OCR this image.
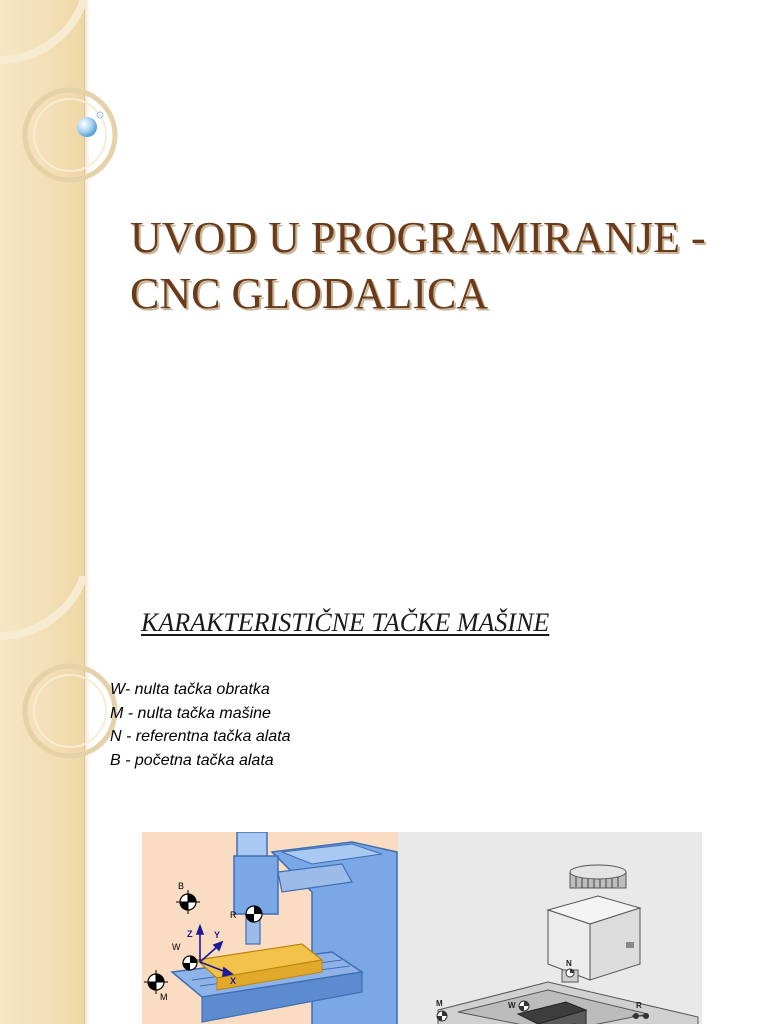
UVOD U PROGRAMIRANJE -
CNC GLODALICA
KARAKTERISTIČNE TAČKE MAŠINE
W- nulta tačka obratka
M - nulta tačka mašine
N - referentna tačka alata
B - početna tačka alata
Z Y
X
B
R
W
M
N
M	W	R
